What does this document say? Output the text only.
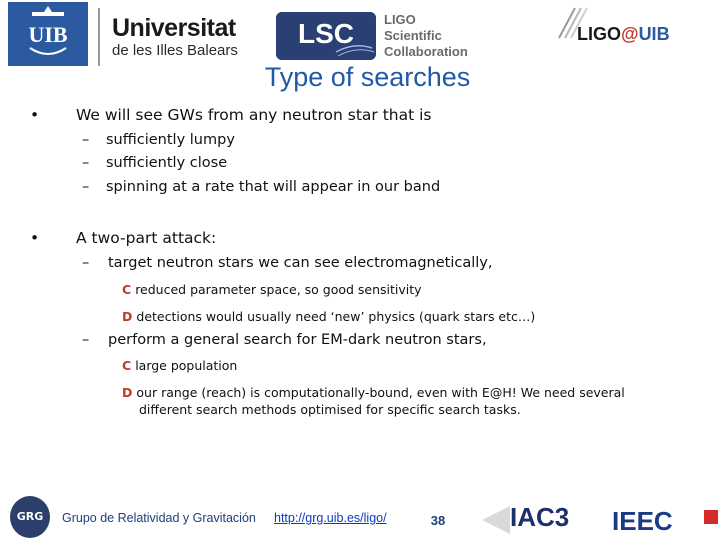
UIB	Universitat
de les Illes Balears
LSC	LIGO
Scientific
Collaboration
LIGO@UIB
Type of searches
• We will see GWs from any neutron star that is
– sufficiently lumpy
– sufficiently close
– spinning at a rate that will appear in our band
• A two-part attack:
– target neutron stars we can see electromagnetically,
C reduced parameter space, so good sensitivity
D detections would usually need ‘new’ physics (quark stars etc…)
– perform a general search for EM-dark neutron stars,
C large population
D our range (reach) is computationally-bound, even with E@H! We need several
different search methods optimised for specific search tasks.
GRG	Grupo de Relatividad y Gravitación http://grg.uib.es/ligo/	38	IAC3 IEEC
